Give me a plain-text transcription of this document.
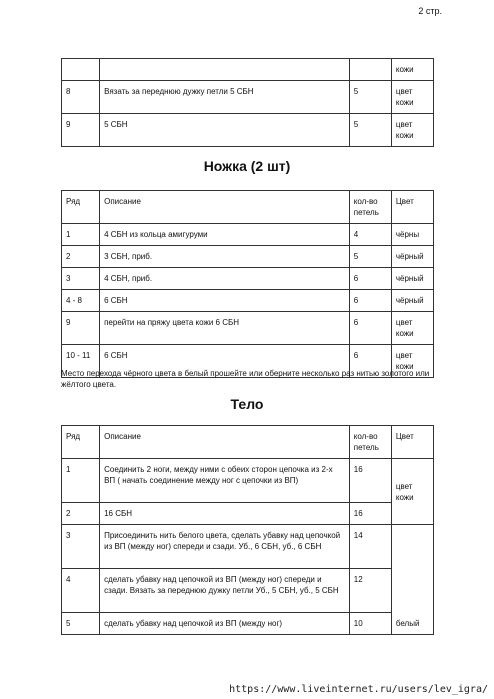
2 стр.
			кожи
8	Вязать за переднюю дужку петли 5 СБН	5	цвет кожи
9	5 СБН	5	цвет кожи
Ножка (2 шт)
Ряд	Описание	кол-во петель	Цвет
1	4 СБН из кольца амигуруми	4	чёрны
2	3 СБН, приб.	5	чёрный
3	4 СБН, приб.	6	чёрный
4 - 8	6 СБН	6	чёрный
9	перейти на пряжу цвета кожи 6 СБН	6	цвет кожи
10 - 11	6 СБН	6	цвет кожи
Место перехода чёрного цвета в белый прошейте или оберните несколько раз нитью золотого или жёлтого цвета.
Тело
Ряд	Описание	кол-во петель	Цвет
1	Соединить 2 ноги, между ними с обеих сторон цепочка из 2-х ВП ( начать соединение между ног с цепочки из ВП)	16	цвет кожи
2	16 СБН	16	
3	Присоединить нить белого цвета, сделать убавку над цепочкой из ВП (между ног) спереди и сзади. Уб., 6 СБН, уб., 6 СБН	14	белый
4	сделать убавку над цепочкой из ВП (между ног) спереди и сзади. Вязать за переднюю дужку петли Уб., 5 СБН, уб., 5 СБН	12	
5	сделать убавку над цепочкой из ВП (между ног)	10	
https://www.liveinternet.ru/users/lev_igra/
